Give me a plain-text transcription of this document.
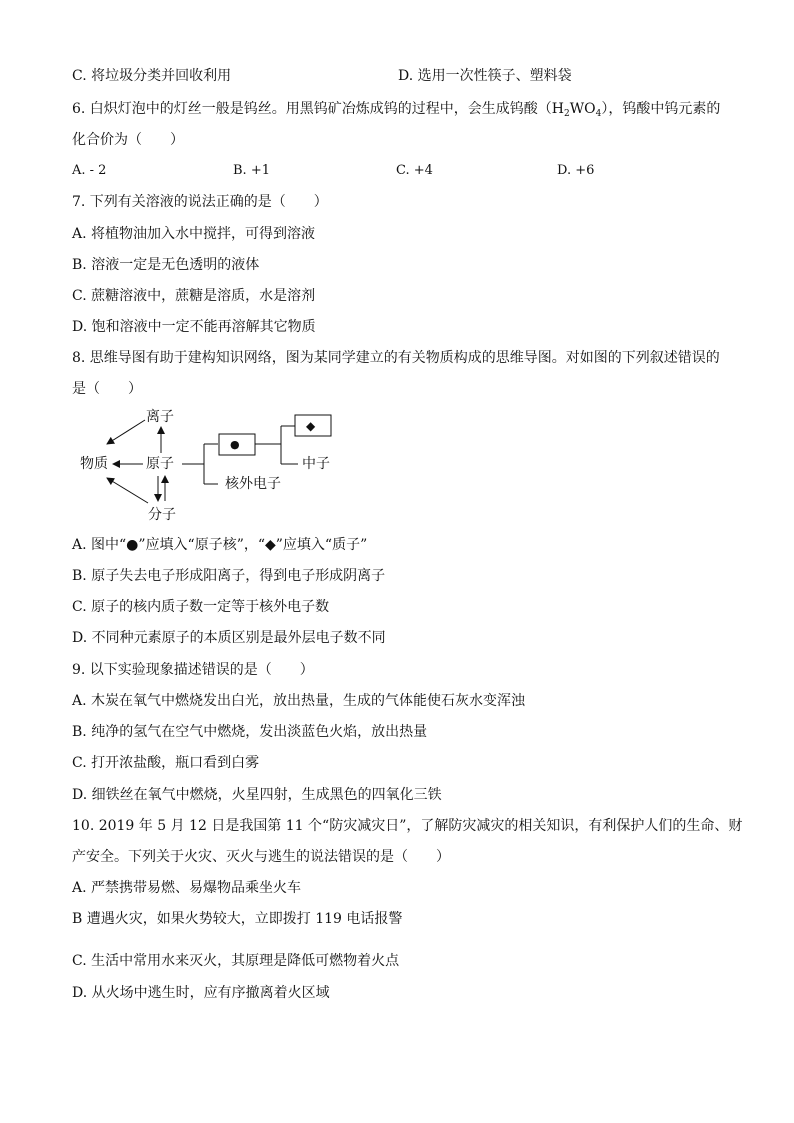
C. 将垃圾分类并回收利用	D. 选用一次性筷子、塑料袋
6. 白炽灯泡中的灯丝一般是钨丝。用黑钨矿冶炼成钨的过程中，会生成钨酸$(H_2WO_4)$，钨酸中钨元素的
化合价为（　　）
A. - 2	B. +1	C. +4	D. +6
7. 下列有关溶液的说法正确的是（　　）
A. 将植物油加入水中搅拌，可得到溶液
B. 溶液一定是无色透明的液体
C. 蔗糖溶液中，蔗糖是溶质，水是溶剂
D. 饱和溶液中一定不能再溶解其它物质
8. 思维导图有助于建构知识网络，图为某同学建立的有关物质构成的思维导图。对如图的下列叙述错误的
是（　　）
离子
物质	原子
分子
中子
核外电子
●
◆
A. 图中“●”应填入“原子核”，“◆”应填入“质子”
B. 原子失去电子形成阳离子，得到电子形成阴离子
C. 原子的核内质子数一定等于核外电子数
D. 不同种元素原子的本质区别是最外层电子数不同
9. 以下实验现象描述错误的是（　　）
A. 木炭在氧气中燃烧发出白光，放出热量，生成的气体能使石灰水变浑浊
B. 纯净的氢气在空气中燃烧，发出淡蓝色火焰，放出热量
C. 打开浓盐酸，瓶口看到白雾
D. 细铁丝在氧气中燃烧，火星四射，生成黑色的四氧化三铁
10. 2019 年 5 月 12 日是我国第 11 个“防灾减灾日”，了解防灾减灾的相关知识，有利保护人们的生命、财
产安全。下列关于火灾、灭火与逃生的说法错误的是（　　）
A. 严禁携带易燃、易爆物品乘坐火车
B 遭遇火灾，如果火势较大，立即拨打 119 电话报警
C. 生活中常用水来灭火，其原理是降低可燃物着火点
D. 从火场中逃生时，应有序撤离着火区域
